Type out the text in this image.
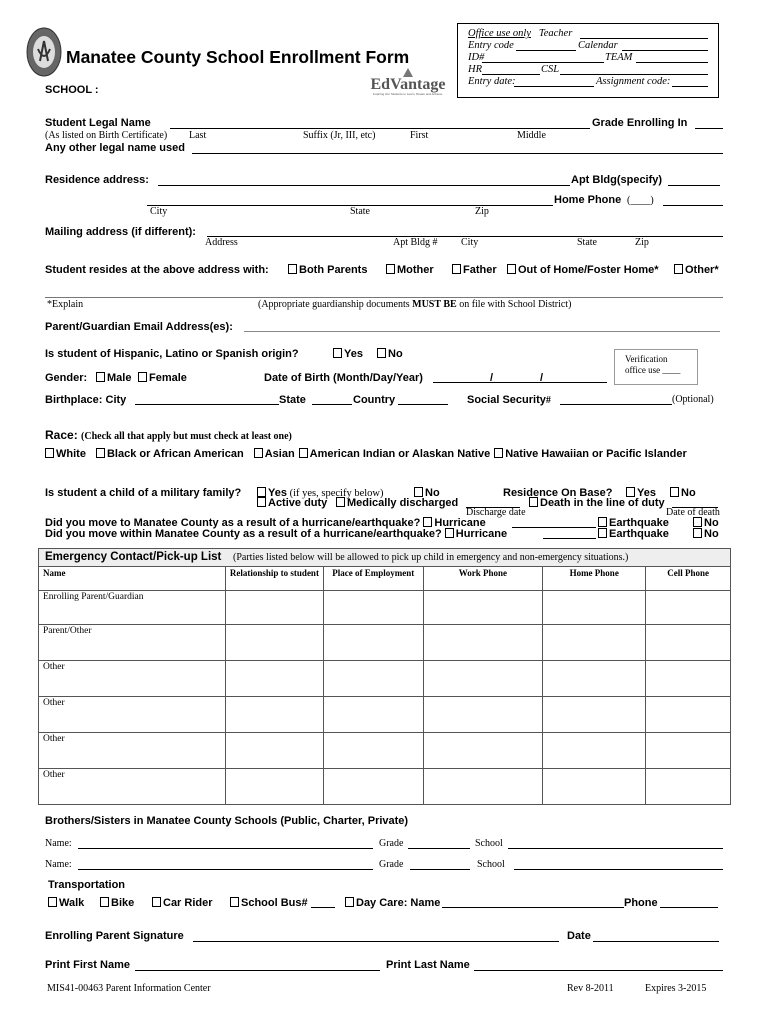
Manatee County School Enrollment Form
SCHOOL :	EdVantage
Inspiring Our Students to Learn, Dream and Achieve.
Office use only Teacher
Entry code	Calendar
ID#	TEAM
HR	CSL
Entry date:	Assignment code:
Student Legal Name	Grade Enrolling In
(As listed on Birth Certificate) Last	Suffix (Jr, III, etc)	First	Middle
Any other legal name used
Residence address:	Apt Bldg(specify)
Home Phone (____)
City	State	Zip
Mailing address (if different):
Address	Apt Bldg # City	State	Zip
Student resides at the above address with:	Both Parents	Mother	Father	Out of Home/Foster Home*	Other*
*Explain	(Appropriate guardianship documents MUST BE on file with School District)
Parent/Guardian Email Address(es):
Is student of Hispanic, Latino or Spanish origin?	Yes	No	Verification
office use ____
Gender:	Male	Female	Date of Birth (Month/Day/Year)	/	/
Birthplace: City	State	Country	Social Security#	(Optional)
Race: (Check all that apply but must check at least one)
White Black or African American Asian American Indian or Alaskan Native Native Hawaiian or Pacific Islander
Is student a child of a military family?	Yes (if yes, specify below)	No	Residence On Base?	Yes	No
Active duty	Medically discharged	Death in the line of duty
Discharge date	Date of death
Did you move to Manatee County as a result of a hurricane/earthquake? Hurricane	Earthquake	No
Did you move within Manatee County as a result of a hurricane/earthquake? Hurricane	Earthquake	No
Emergency Contact/Pick-up List (Parties listed below will be allowed to pick up child in emergency and non-emergency situations.)
Name	Relationship to student	Place of Employment	Work Phone	Home Phone	Cell Phone
Enrolling Parent/Guardian					
Parent/Other					
Other					
Other					
Other					
Other					
Brothers/Sisters in Manatee County Schools (Public, Charter, Private)
Name:	Grade	School
Name:	Grade	School
Transportation
Walk	Bike	Car Rider	School Bus#	Day Care: Name	Phone
Enrolling Parent Signature	Date
Print First Name	Print Last Name
MIS41-00463 Parent Information Center	Rev 8-2011	Expires 3-2015
